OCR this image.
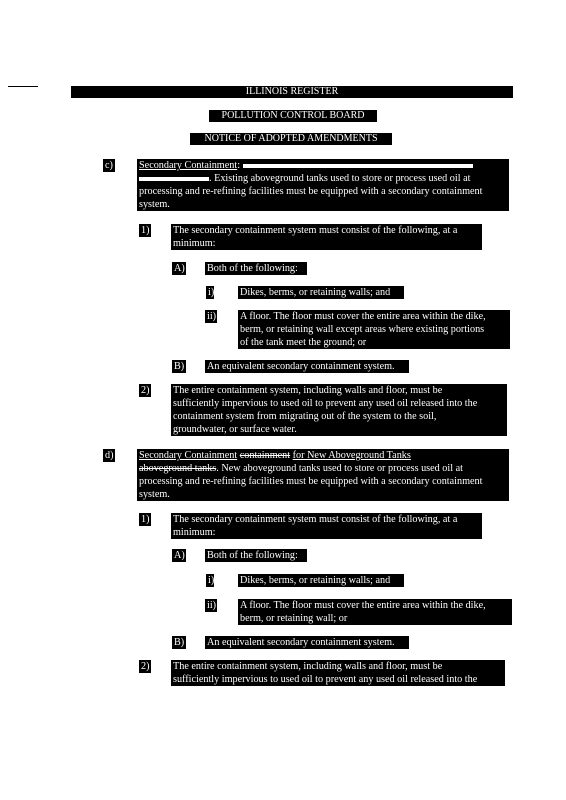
ILLINOIS REGISTER
POLLUTION CONTROL BOARD
NOTICE OF ADOPTED AMENDMENTS
c)	Secondary Containment:
. Existing aboveground tanks used to store or process used oil at
processing and re-refining facilities must be equipped with a secondary containment
system.
1) The secondary containment system must consist of the following, at a
minimum:
A) Both of the following:
i)	Dikes, berms, or retaining walls; and
ii) A floor. The floor must cover the entire area within the dike,
berm, or retaining wall except areas where existing portions
of the tank meet the ground; or
B) An equivalent secondary containment system.
2) The entire containment system, including walls and floor, must be
sufficiently impervious to used oil to prevent any used oil released into the
containment system from migrating out of the system to the soil,
groundwater, or surface water.
d)	Secondary Containment containment for New Aboveground Tanks
aboveground tanks. New aboveground tanks used to store or process used oil at
processing and re-refining facilities must be equipped with a secondary containment
system.
1) The secondary containment system must consist of the following, at a
minimum:
A) Both of the following:
i)	Dikes, berms, or retaining walls; and
ii) A floor. The floor must cover the entire area within the dike,
berm, or retaining wall; or
B) An equivalent secondary containment system.
2) The entire containment system, including walls and floor, must be
sufficiently impervious to used oil to prevent any used oil released into the
